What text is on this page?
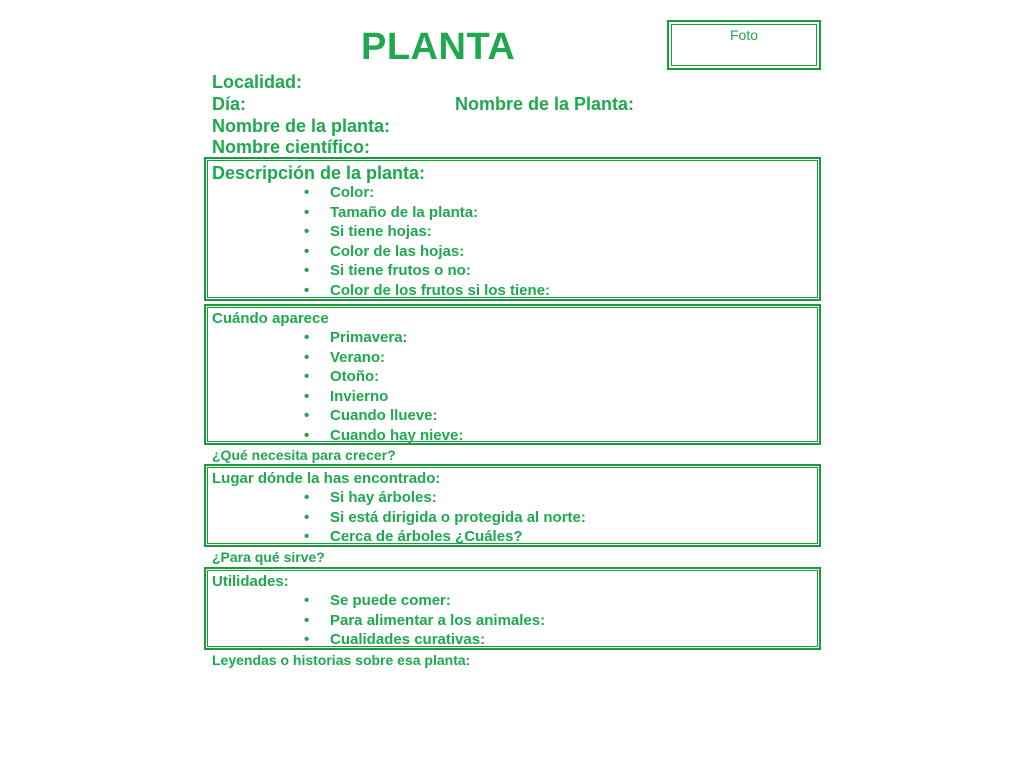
PLANTA	Foto
Localidad:
Día:	Nombre de la Planta:
Nombre de la planta:
Nombre científico:
Descripción de la planta:
• Color:
• Tamaño de la planta:
• Si tiene hojas:
• Color de las hojas:
• Si tiene frutos o no:
• Color de los frutos si los tiene:
Cuándo aparece
• Primavera:
• Verano:
• Otoño:
• Invierno
• Cuando llueve:
• Cuando hay nieve:
¿Qué necesita para crecer?
Lugar dónde la has encontrado:
• Si hay árboles:
• Si está dirigida o protegida al norte:
• Cerca de árboles ¿Cuáles?
¿Para qué sirve?
Utilidades:
• Se puede comer:
• Para alimentar a los animales:
• Cualidades curativas:
Leyendas o historias sobre esa planta:
